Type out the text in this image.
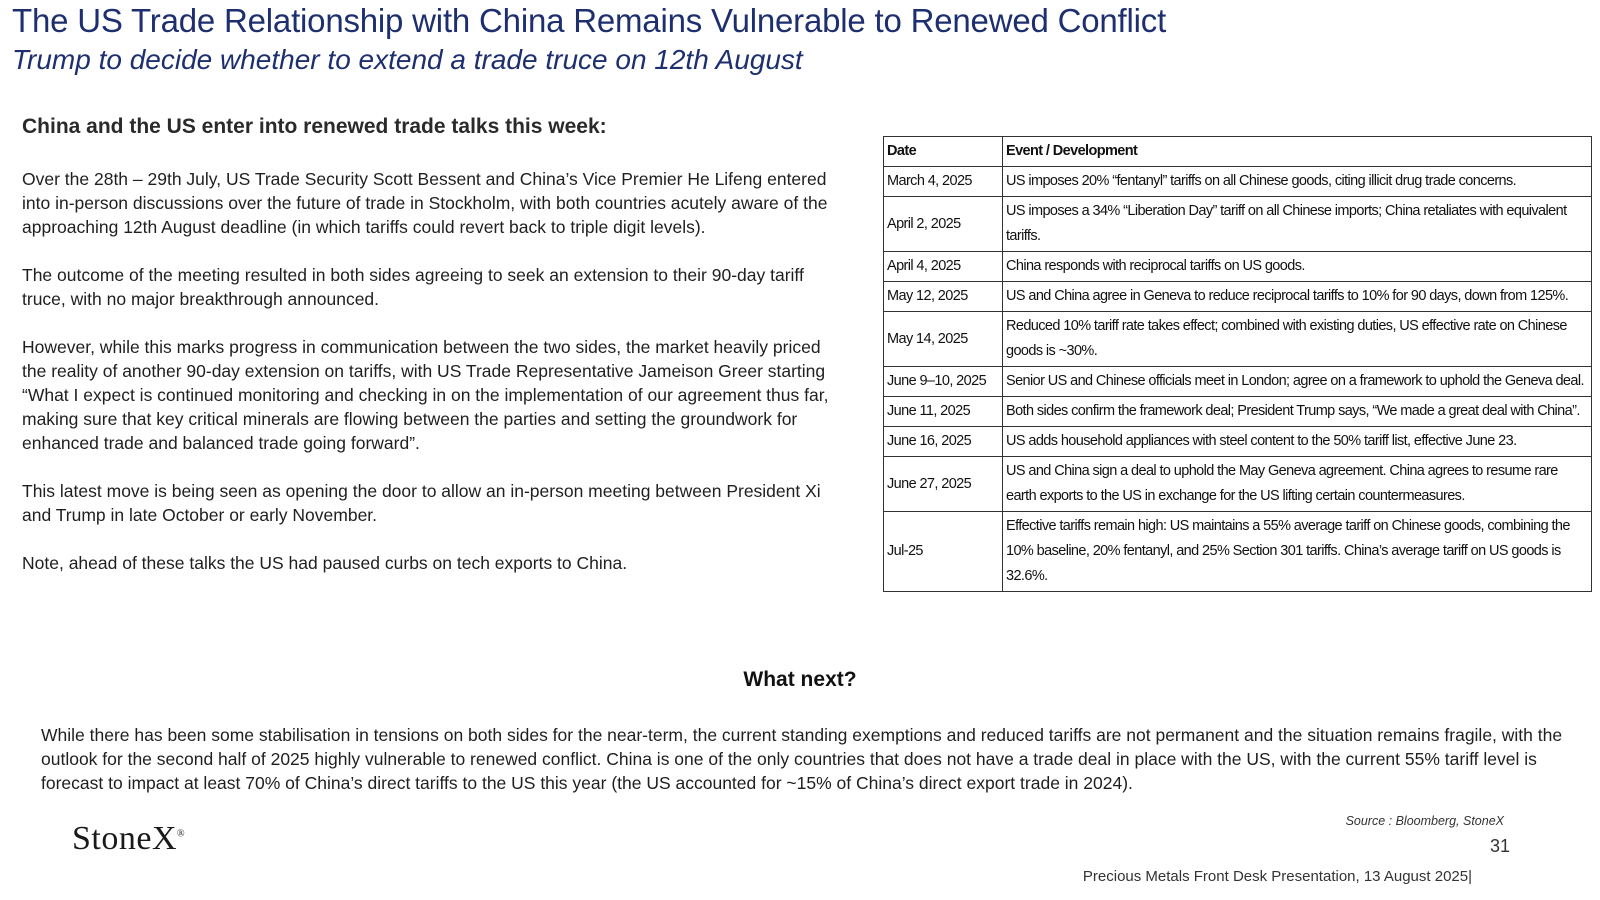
The US Trade Relationship with China Remains Vulnerable to Renewed Conflict
Trump to decide whether to extend a trade truce on 12th August
China and the US enter into renewed trade talks this week:

Over the 28th – 29th July, US Trade Security Scott Bessent and China’s Vice Premier He Lifeng entered into in-person discussions over the future of trade in Stockholm, with both countries acutely aware of the approaching 12th August deadline (in which tariffs could revert back to triple digit levels).

The outcome of the meeting resulted in both sides agreeing to seek an extension to their 90-day tariff truce, with no major breakthrough announced.

However, while this marks progress in communication between the two sides, the market heavily priced the reality of another 90-day extension on tariffs, with US Trade Representative Jameison Greer starting “What I expect is continued monitoring and checking in on the implementation of our agreement thus far, making sure that key critical minerals are flowing between the parties and setting the groundwork for enhanced trade and balanced trade going forward”.

This latest move is being seen as opening the door to allow an in-person meeting between President Xi and Trump in late October or early November.

Note, ahead of these talks the US had paused curbs on tech exports to China.

Date	Event / Development
March 4, 2025	US imposes 20% “fentanyl” tariffs on all Chinese goods, citing illicit drug trade concerns.
April 2, 2025	US imposes a 34% “Liberation Day” tariff on all Chinese imports; China retaliates with equivalent tariffs.
April 4, 2025	China responds with reciprocal tariffs on US goods.
May 12, 2025	US and China agree in Geneva to reduce reciprocal tariffs to 10% for 90 days, down from 125%.
May 14, 2025	Reduced 10% tariff rate takes effect; combined with existing duties, US effective rate on Chinese goods is ~30%.
June 9–10, 2025	Senior US and Chinese officials meet in London; agree on a framework to uphold the Geneva deal.
June 11, 2025	Both sides confirm the framework deal; President Trump says, “We made a great deal with China”.
June 16, 2025	US adds household appliances with steel content to the 50% tariff list, effective June 23.
June 27, 2025	US and China sign a deal to uphold the May Geneva agreement. China agrees to resume rare earth exports to the US in exchange for the US lifting certain countermeasures.
Jul-25	Effective tariffs remain high: US maintains a 55% average tariff on Chinese goods, combining the 10% baseline, 20% fentanyl, and 25% Section 301 tariffs. China’s average tariff on US goods is 32.6%.
What next?
While there has been some stabilisation in tensions on both sides for the near-term, the current standing exemptions and reduced tariffs are not permanent and the situation remains fragile, with the outlook for the second half of 2025 highly vulnerable to renewed conflict. China is one of the only countries that does not have a trade deal in place with the US, with the current 55% tariff level is forecast to impact at least 70% of China’s direct tariffs to the US this year (the US accounted for ~15% of China’s direct export trade in 2024).
StoneX®
Source : Bloomberg, StoneX
31
Precious Metals Front Desk Presentation, 13 August 2025|
